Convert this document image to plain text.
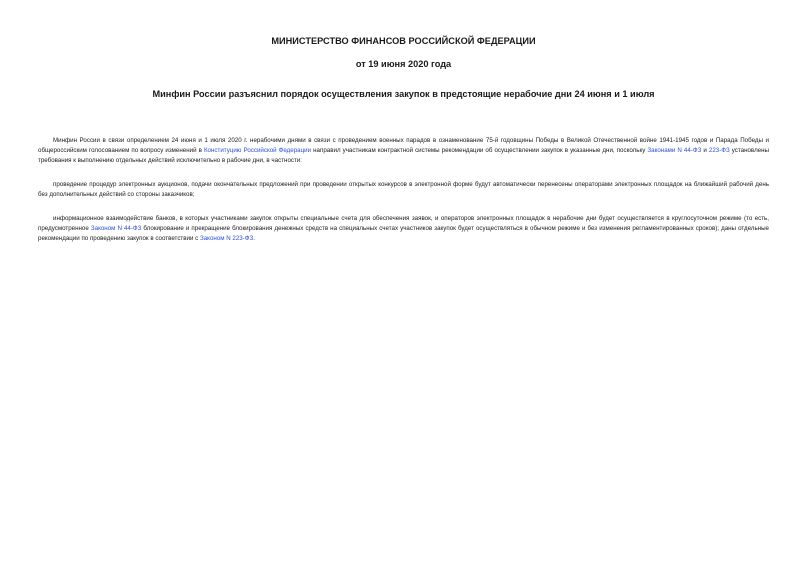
МИНИСТЕРСТВО ФИНАНСОВ РОССИЙСКОЙ ФЕДЕРАЦИИ

от 19 июня 2020 года

Минфин России разъяснил порядок осуществления закупок в предстоящие нерабочие дни 24 июня и 1 июля

Минфин России в связи определением 24 июня и 1 июля 2020 г. нерабочими днями в связи с проведением военных парадов в ознаменование 75-й годовщины Победы в Великой Отечественной войне 1941-1945 годов и Парада Победы и общероссийским голосованием по вопросу изменений в Конституцию Российской Федерации направил участникам контрактной системы рекомендации об осуществлении закупок в указанные дни, поскольку Законами N 44-ФЗ и 223-ФЗ установлены требования к выполнению отдельных действий исключительно в рабочие дни, в частности:

проведение процедур электронных аукционов, подачи окончательных предложений при проведении открытых конкурсов в электронной форме будут автоматически перенесены операторами электронных площадок на ближайший рабочий день без дополнительных действий со стороны заказчиков;

информационное взаимодействие банков, в которых участниками закупок открыты специальные счета для обеспечения заявок, и операторов электронных площадок в нерабочие дни будет осуществляется в круглосуточном режиме (то есть, предусмотренное Законом N 44-ФЗ блокирование и прекращение блокирования денежных средств на специальных счетах участников закупок будет осуществляться в обычном режиме и без изменения регламентированных сроков); даны отдельные рекомендации по проведению закупок в соответствии с Законом N 223-ФЗ.
